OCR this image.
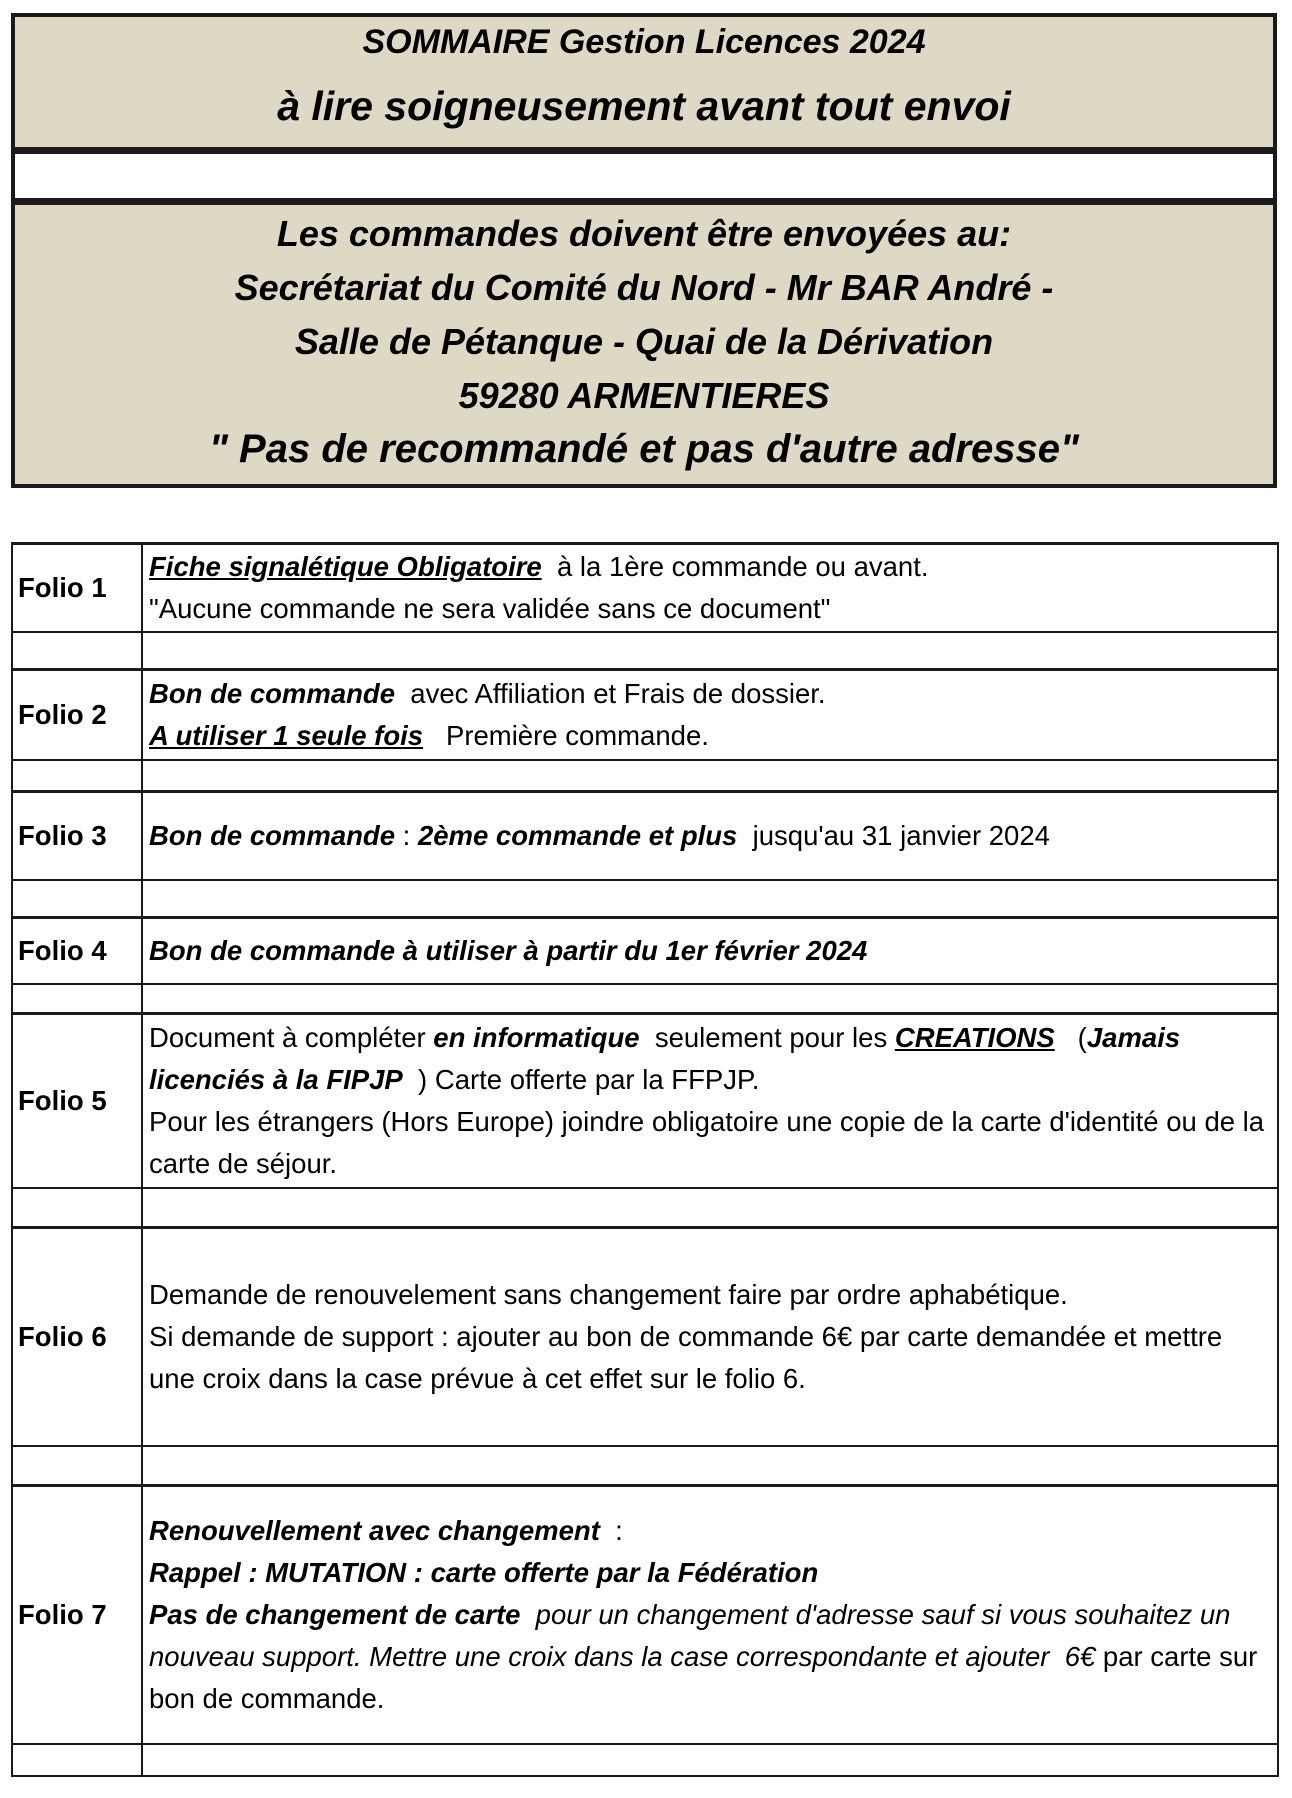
SOMMAIRE Gestion Licences 2024
à lire soigneusement avant tout envoi
Les commandes doivent être envoyées au:
Secrétariat du Comité du Nord - Mr BAR André -
Salle de Pétanque - Quai de la Dérivation
59280 ARMENTIERES
" Pas de recommandé et pas d'autre adresse"
Folio 1	Fiche signalétique Obligatoire  à la 1ère commande ou avant.
"Aucune commande ne sera validée sans ce document"

Folio 2	Bon de commande  avec Affiliation et Frais de dossier.
A utiliser 1 seule fois   Première commande.

Folio 3	Bon de commande : 2ème commande et plus  jusqu'au 31 janvier 2024

Folio 4	Bon de commande à utiliser à partir du 1er février 2024

Folio 5	Document à compléter en informatique  seulement pour les CREATIONS   (Jamais licenciés à la FIPJP  ) Carte offerte par la FFPJP.
Pour les étrangers (Hors Europe) joindre obligatoire une copie de la carte d'identité ou de la carte de séjour.

Folio 6	Demande de renouvelement sans changement faire par ordre aphabétique.
Si demande de support : ajouter au bon de commande 6€ par carte demandée et mettre une croix dans la case prévue à cet effet sur le folio 6.

Folio 7	Renouvellement avec changement  :
Rappel : MUTATION : carte offerte par la Fédération
Pas de changement de carte  pour un changement d'adresse sauf si vous souhaitez un nouveau support. Mettre une croix dans la case correspondante et ajouter  6€ par carte sur bon de commande.
